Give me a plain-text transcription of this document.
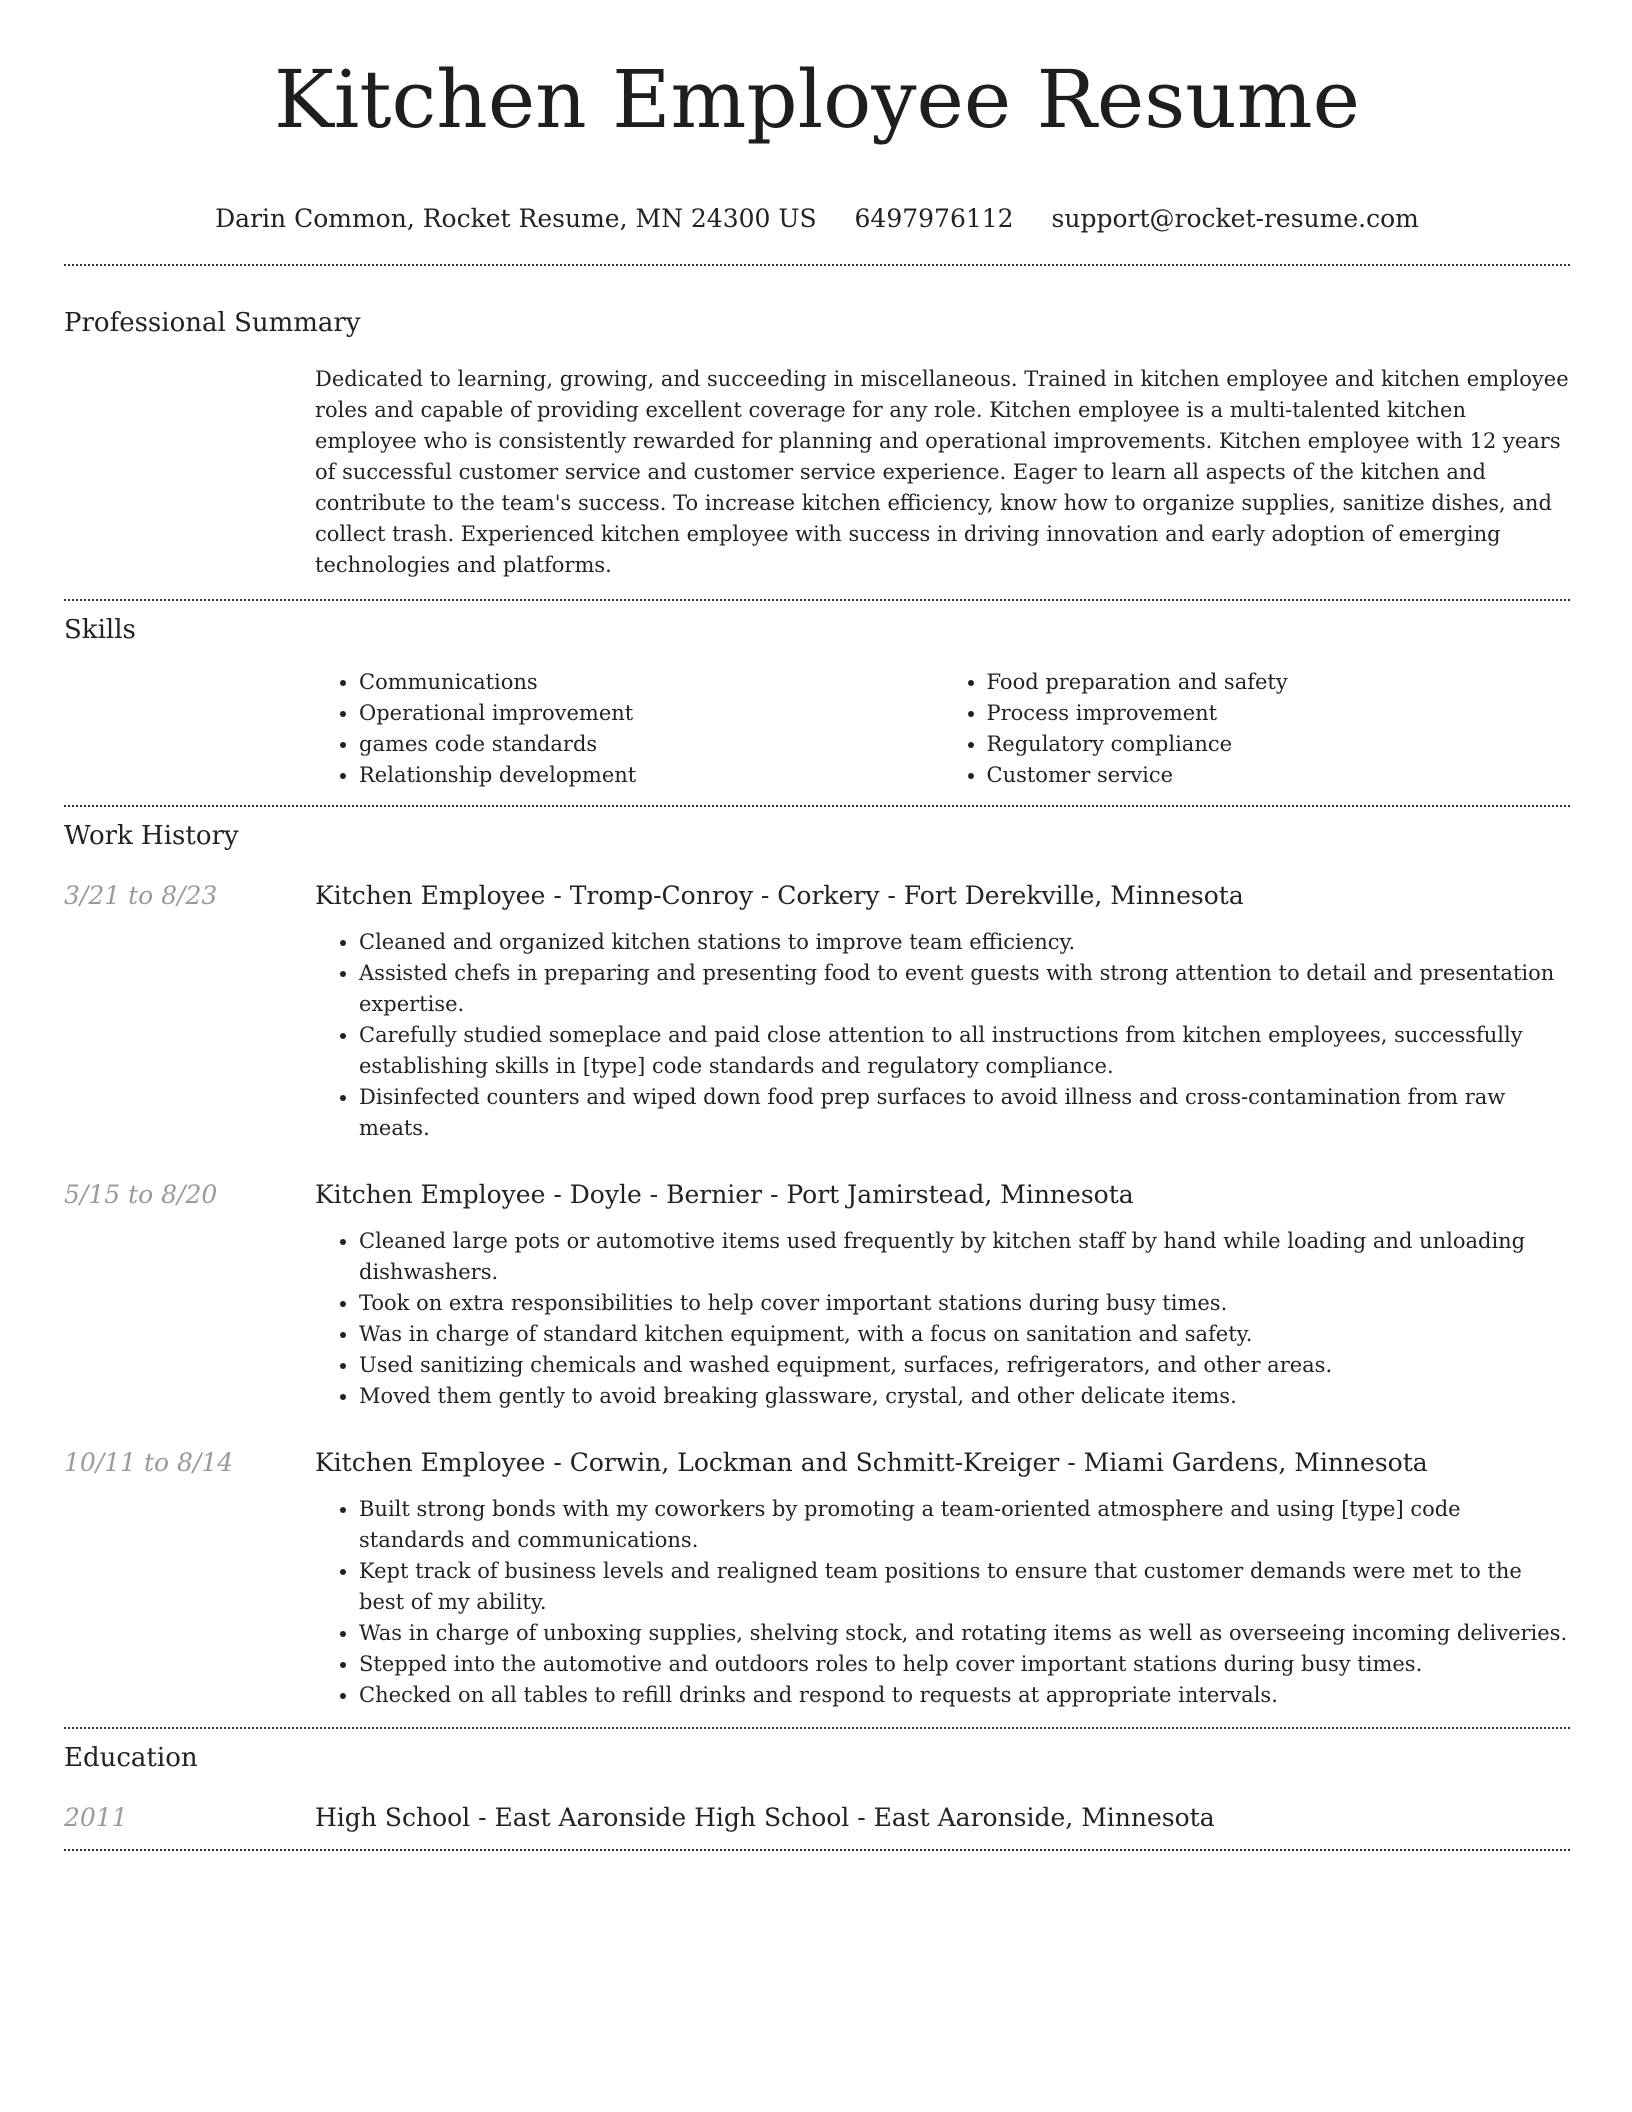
Kitchen Employee Resume
Darin Common, Rocket Resume, MN 24300 US 6497976112 support@rocket-resume.com
Professional Summary
Dedicated to learning, growing, and succeeding in miscellaneous. Trained in kitchen employee and kitchen employee roles and capable of providing excellent coverage for any role. Kitchen employee is a multi-talented kitchen employee who is consistently rewarded for planning and operational improvements. Kitchen employee with 12 years of successful customer service and customer service experience. Eager to learn all aspects of the kitchen and contribute to the team's success. To increase kitchen efficiency, know how to organize supplies, sanitize dishes, and collect trash. Experienced kitchen employee with success in driving innovation and early adoption of emerging technologies and platforms.
Skills
• Communications
• Operational improvement
• games code standards
• Relationship development
• Food preparation and safety
• Process improvement
• Regulatory compliance
• Customer service
Work History
3/21 to 8/23	Kitchen Employee - Tromp-Conroy - Corkery - Fort Derekville, Minnesota
• Cleaned and organized kitchen stations to improve team efficiency.
• Assisted chefs in preparing and presenting food to event guests with strong attention to detail and presentation expertise.
• Carefully studied someplace and paid close attention to all instructions from kitchen employees, successfully establishing skills in [type] code standards and regulatory compliance.
• Disinfected counters and wiped down food prep surfaces to avoid illness and cross-contamination from raw meats.
5/15 to 8/20	Kitchen Employee - Doyle - Bernier - Port Jamirstead, Minnesota
• Cleaned large pots or automotive items used frequently by kitchen staff by hand while loading and unloading dishwashers.
• Took on extra responsibilities to help cover important stations during busy times.
• Was in charge of standard kitchen equipment, with a focus on sanitation and safety.
• Used sanitizing chemicals and washed equipment, surfaces, refrigerators, and other areas.
• Moved them gently to avoid breaking glassware, crystal, and other delicate items.
10/11 to 8/14	Kitchen Employee - Corwin, Lockman and Schmitt-Kreiger - Miami Gardens, Minnesota
• Built strong bonds with my coworkers by promoting a team-oriented atmosphere and using [type] code standards and communications.
• Kept track of business levels and realigned team positions to ensure that customer demands were met to the best of my ability.
• Was in charge of unboxing supplies, shelving stock, and rotating items as well as overseeing incoming deliveries.
• Stepped into the automotive and outdoors roles to help cover important stations during busy times.
• Checked on all tables to refill drinks and respond to requests at appropriate intervals.
Education
2011	High School - East Aaronside High School - East Aaronside, Minnesota
